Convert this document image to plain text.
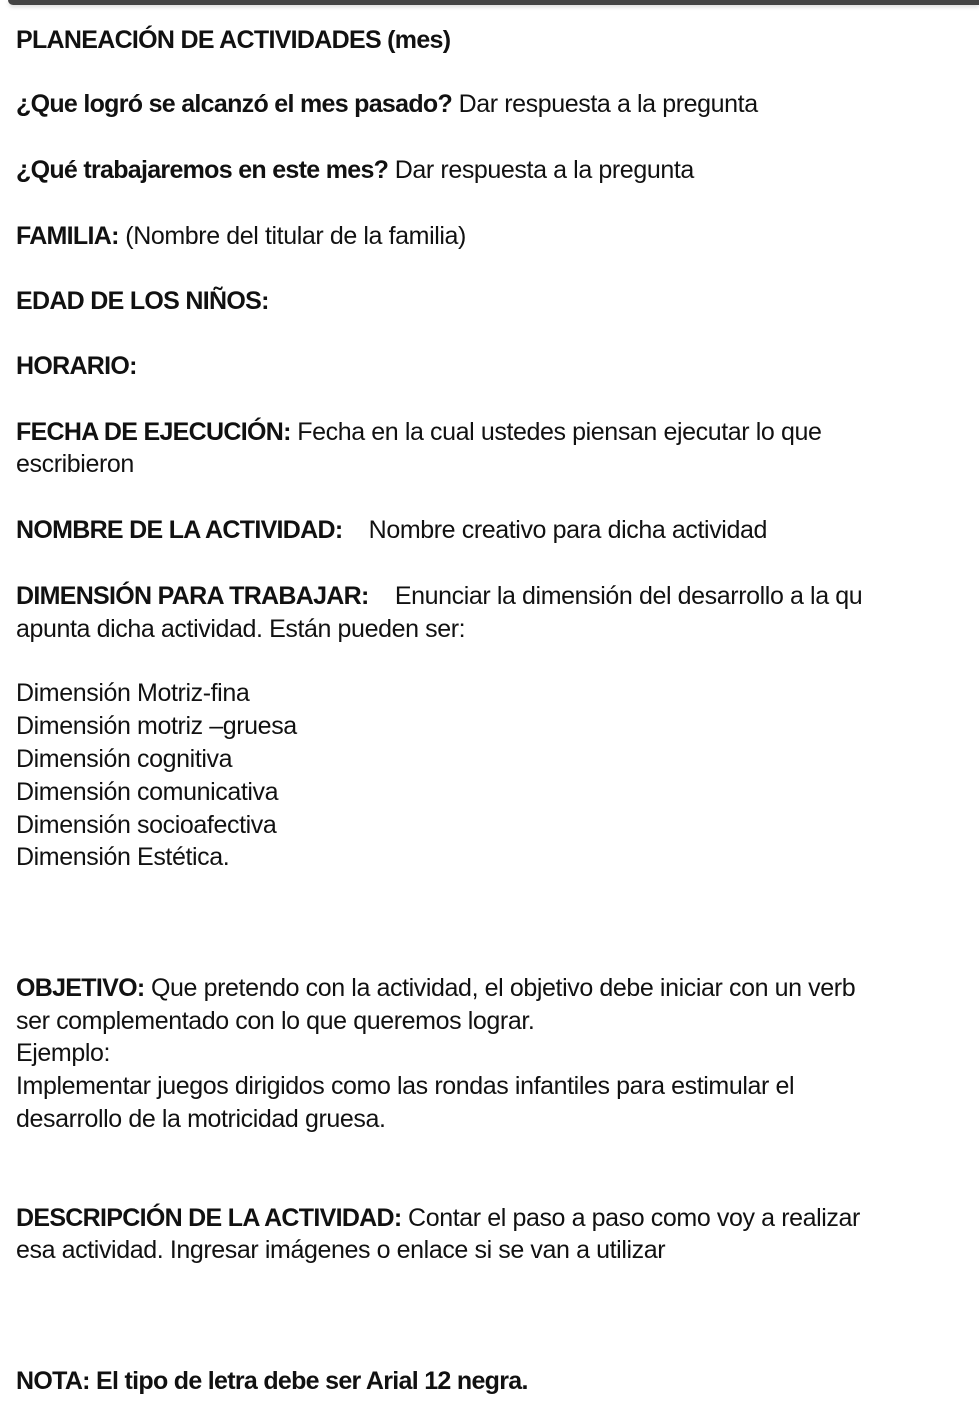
PLANEACIÓN DE ACTIVIDADES (mes)
¿Que logró se alcanzó el mes pasado? Dar respuesta a la pregunta
¿Qué trabajaremos en este mes? Dar respuesta a la pregunta
FAMILIA: (Nombre del titular de la familia)
EDAD DE LOS NIÑOS:
HORARIO:
FECHA DE EJECUCIÓN: Fecha en la cual ustedes piensan ejecutar lo que
escribieron
NOMBRE DE LA ACTIVIDAD:    Nombre creativo para dicha actividad
DIMENSIÓN PARA TRABAJAR:    Enunciar la dimensión del desarrollo a la qu
apunta dicha actividad. Están pueden ser:
Dimensión Motriz-fina
Dimensión motriz –gruesa
Dimensión cognitiva
Dimensión comunicativa
Dimensión socioafectiva
Dimensión Estética.
OBJETIVO: Que pretendo con la actividad, el objetivo debe iniciar con un verb
ser complementado con lo que queremos lograr.
Ejemplo:
Implementar juegos dirigidos como las rondas infantiles para estimular el
desarrollo de la motricidad gruesa.
DESCRIPCIÓN DE LA ACTIVIDAD: Contar el paso a paso como voy a realizar
esa actividad. Ingresar imágenes o enlace si se van a utilizar
NOTA: El tipo de letra debe ser Arial 12 negra.
